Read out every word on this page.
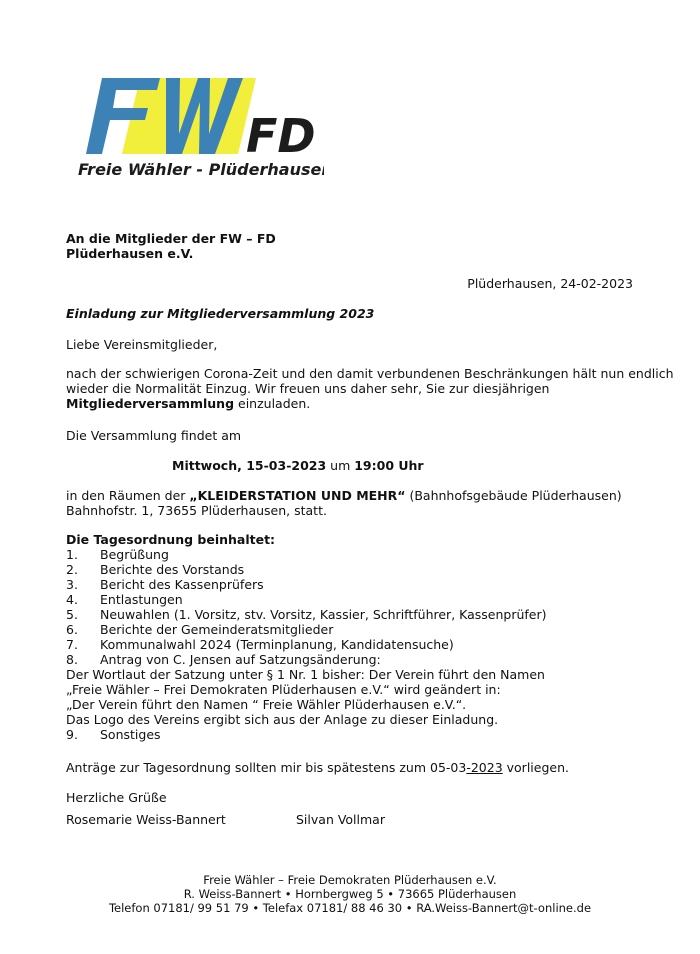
FD
Freie Wähler - Plüderhausen
An die Mitglieder der FW – FD
Plüderhausen e.V.
Plüderhausen, 24-02-2023
Einladung zur Mitgliederversammlung 2023
Liebe Vereinsmitglieder,
nach der schwierigen Corona-Zeit und den damit verbundenen Beschränkungen hält nun endlich
wieder die Normalität Einzug. Wir freuen uns daher sehr, Sie zur diesjährigen
Mitgliederversammlung einzuladen.
Die Versammlung findet am
Mittwoch, 15-03-2023 um 19:00 Uhr
in den Räumen der „KLEIDERSTATION UND MEHR“ (Bahnhofsgebäude Plüderhausen)
Bahnhofstr. 1, 73655 Plüderhausen, statt.
Die Tagesordnung beinhaltet:
1. Begrüßung
2. Berichte des Vorstands
3. Bericht des Kassenprüfers
4. Entlastungen
5. Neuwahlen (1. Vorsitz, stv. Vorsitz, Kassier, Schriftführer, Kassenprüfer)
6. Berichte der Gemeinderatsmitglieder
7. Kommunalwahl 2024 (Terminplanung, Kandidatensuche)
8. Antrag von C. Jensen auf Satzungsänderung:
Der Wortlaut der Satzung unter § 1 Nr. 1 bisher: Der Verein führt den Namen
„Freie Wähler – Frei Demokraten Plüderhausen e.V.“ wird geändert in:
„Der Verein führt den Namen “ Freie Wähler Plüderhausen e.V.“.
Das Logo des Vereins ergibt sich aus der Anlage zu dieser Einladung.
9. Sonstiges
Anträge zur Tagesordnung sollten mir bis spätestens zum 05-03-2023 vorliegen.
Herzliche Grüße
Rosemarie Weiss-Bannert	Silvan Vollmar
Freie Wähler – Freie Demokraten Plüderhausen e.V.
R. Weiss-Bannert • Hornbergweg 5 • 73665 Plüderhausen
Telefon 07181/ 99 51 79 • Telefax 07181/ 88 46 30 • RA.Weiss-Bannert@t-online.de
